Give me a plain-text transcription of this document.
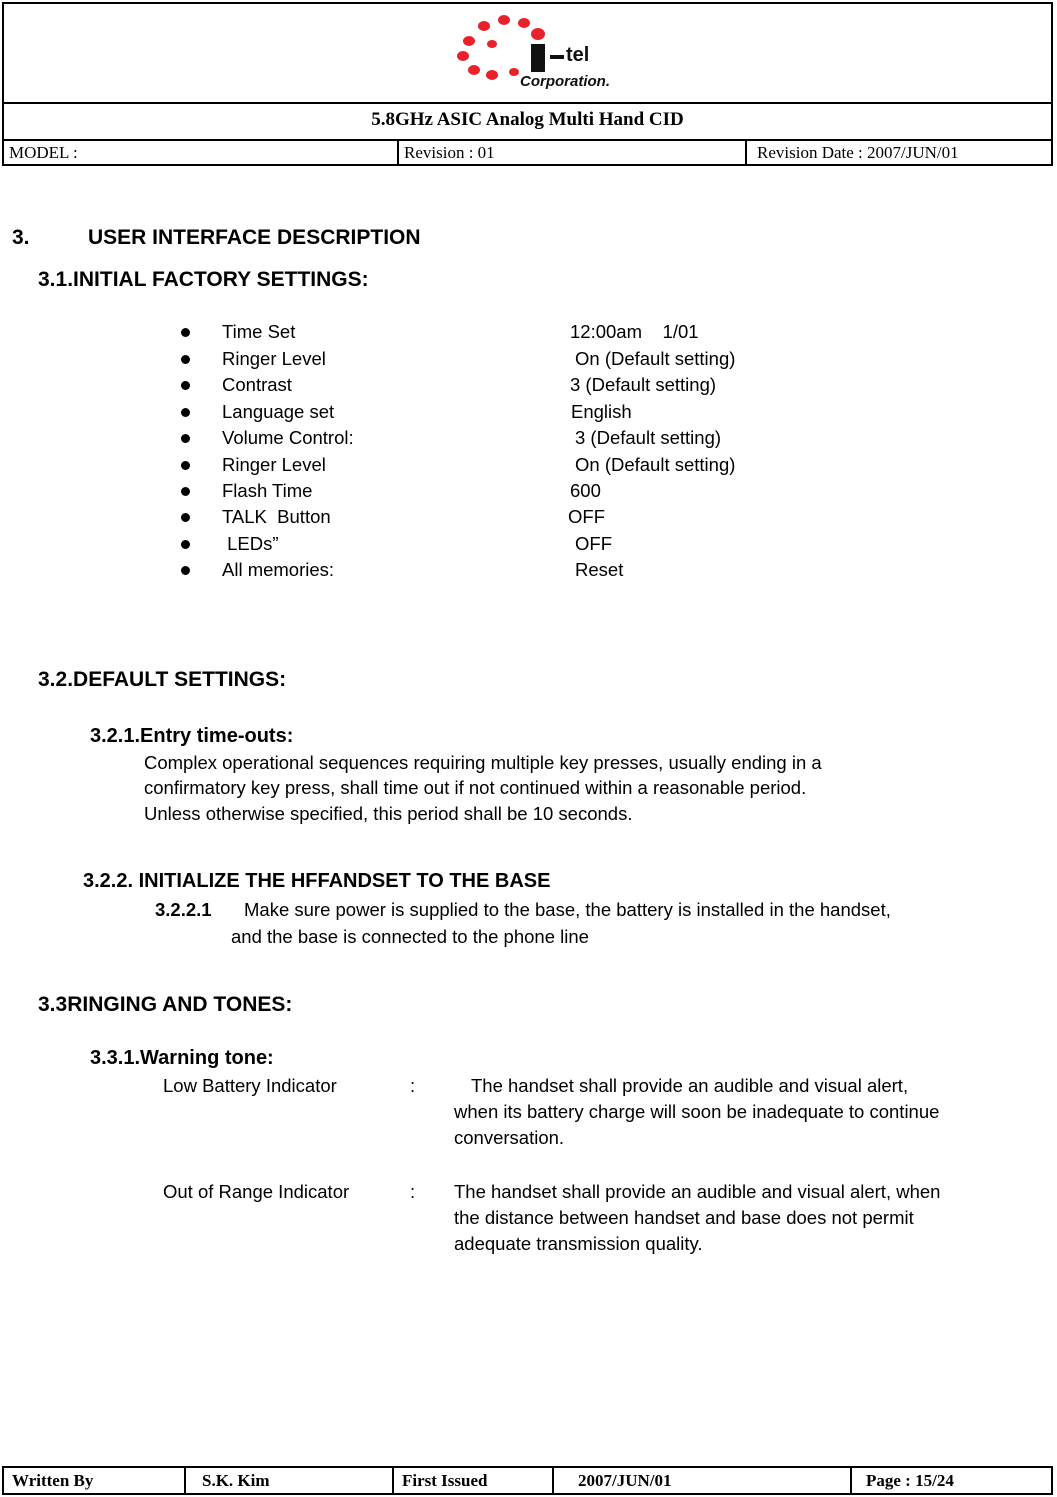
tel
Corporation.
5.8GHz ASIC Analog Multi Hand CID
MODEL :	Revision : 01	Revision Date : 2007/JUN/01
3.	USER INTERFACE DESCRIPTION
3.1.INITIAL FACTORY SETTINGS:
Time Set	12:00am    1/01
Ringer Level	On (Default setting)
Contrast	3 (Default setting)
Language set	English
Volume Control:	3 (Default setting)
Ringer Level	On (Default setting)
Flash Time	600
TALK  Button	OFF
LEDs”	OFF
All memories:	Reset
3.2.DEFAULT SETTINGS:
3.2.1.Entry time-outs:
Complex operational sequences requiring multiple key presses, usually ending in a
confirmatory key press, shall time out if not continued within a reasonable period.
Unless otherwise specified, this period shall be 10 seconds.
3.2.2. INITIALIZE THE HFFANDSET TO THE BASE
3.2.2.1 Make sure power is supplied to the base, the battery is installed in the handset,
and the base is connected to the phone line
3.3RINGING AND TONES:
3.3.1.Warning tone:
Low Battery Indicator	:	The handset shall provide an audible and visual alert,
when its battery charge will soon be inadequate to continue
conversation.
Out of Range Indicator	: The handset shall provide an audible and visual alert, when
the distance between handset and base does not permit
adequate transmission quality.
Written By	S.K. Kim	First Issued	2007/JUN/01	Page : 15/24
